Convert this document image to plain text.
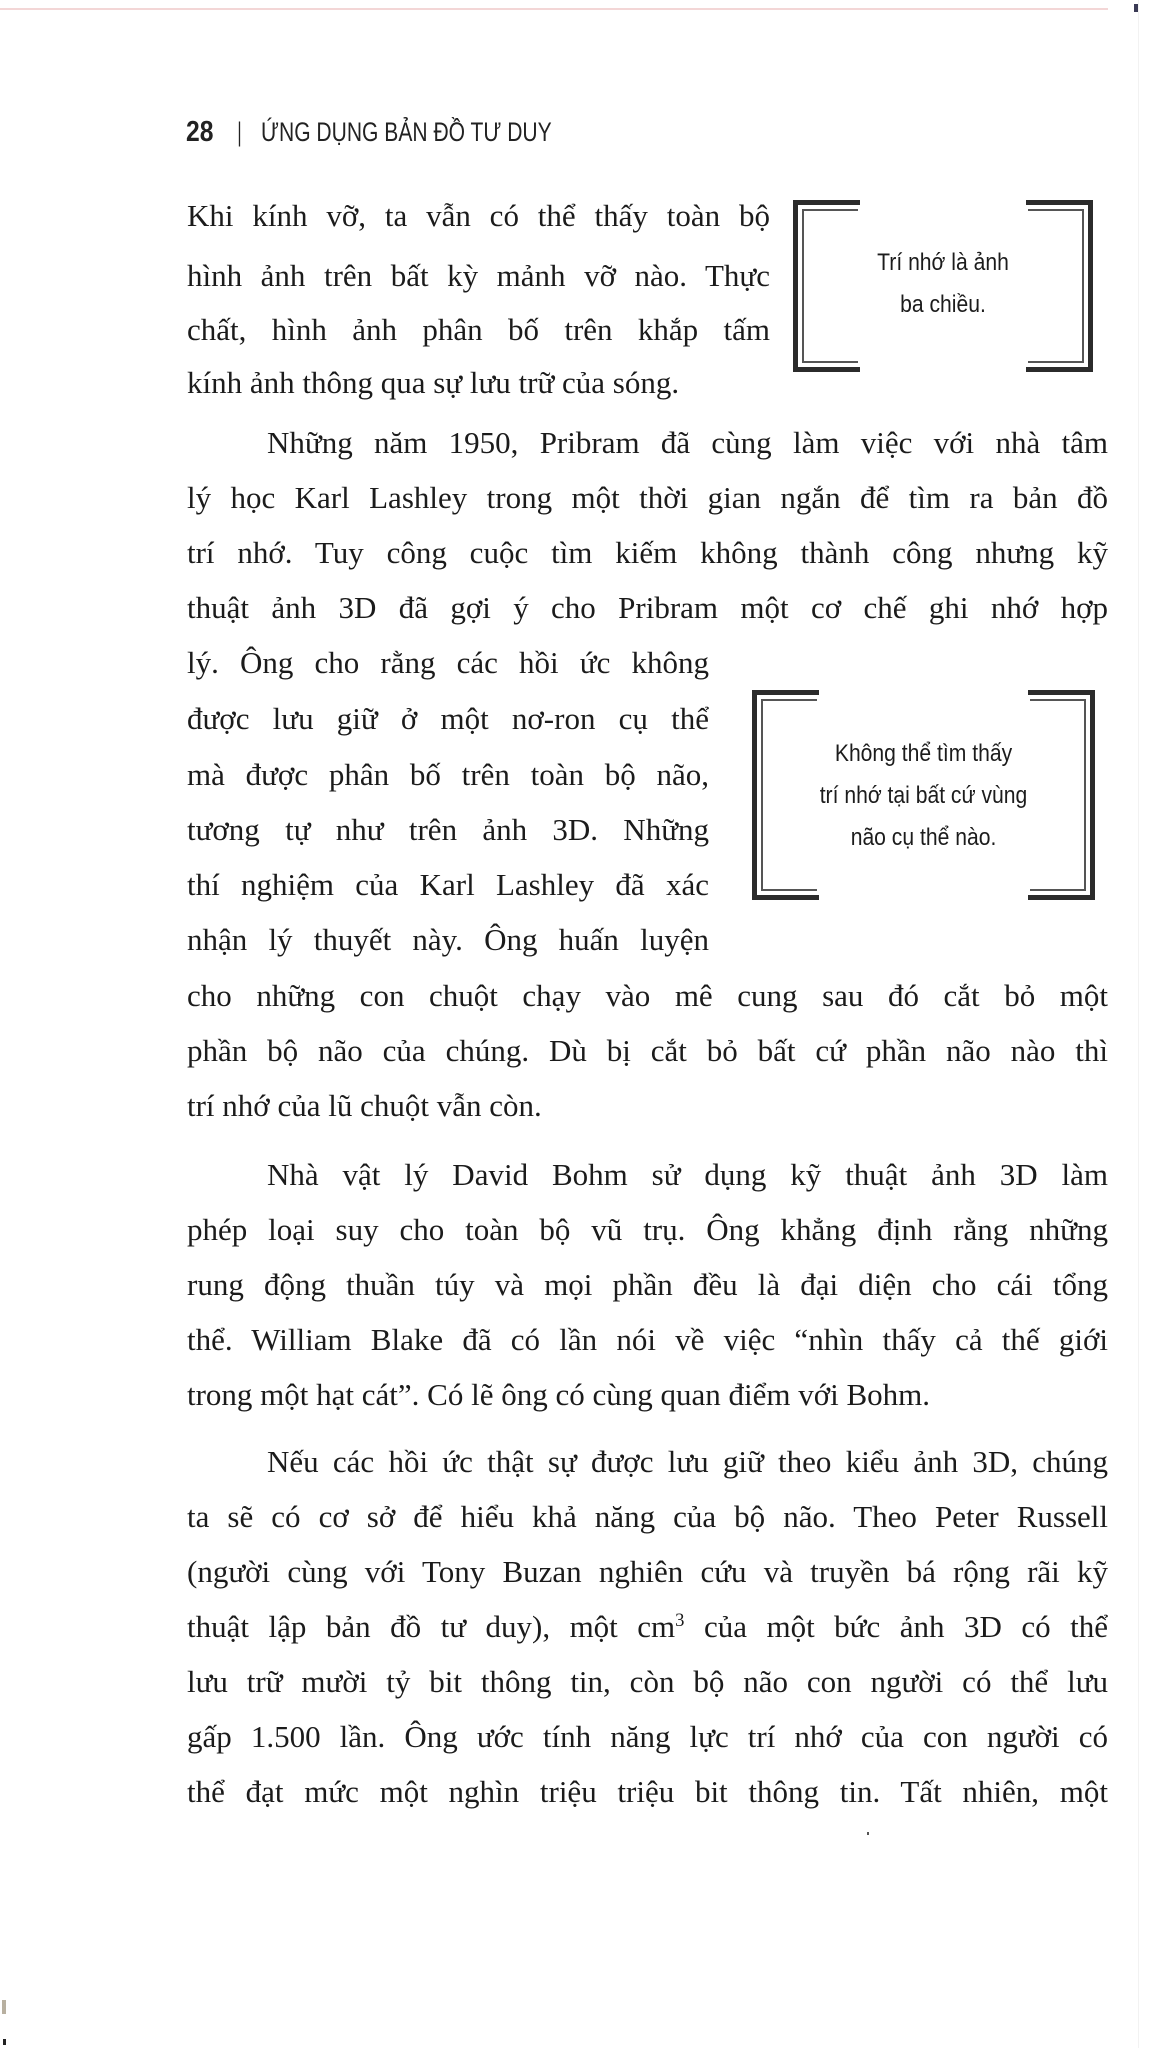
28 | ỨNG DỤNG BẢN ĐỒ TƯ DUY
Khi kính vỡ, ta vẫn có thể thấy toàn bộ
hình ảnh trên bất kỳ mảnh vỡ nào. Thực
chất, hình ảnh phân bố trên khắp tấm
kính ảnh thông qua sự lưu trữ của sóng.
Trí nhớ là ảnh
ba chiều.
Những năm 1950, Pribram đã cùng làm việc với nhà tâm
lý học Karl Lashley trong một thời gian ngắn để tìm ra bản đồ
trí nhớ. Tuy công cuộc tìm kiếm không thành công nhưng kỹ
thuật ảnh 3D đã gợi ý cho Pribram một cơ chế ghi nhớ hợp
lý. Ông cho rằng các hồi ức không
được lưu giữ ở một nơ-ron cụ thể
mà được phân bố trên toàn bộ não,
tương tự như trên ảnh 3D. Những
thí nghiệm của Karl Lashley đã xác
nhận lý thuyết này. Ông huấn luyện
cho những con chuột chạy vào mê cung sau đó cắt bỏ một
phần bộ não của chúng. Dù bị cắt bỏ bất cứ phần não nào thì
trí nhớ của lũ chuột vẫn còn.
Không thể tìm thấy
trí nhớ tại bất cứ vùng
não cụ thể nào.
Nhà vật lý David Bohm sử dụng kỹ thuật ảnh 3D làm
phép loại suy cho toàn bộ vũ trụ. Ông khẳng định rằng những
rung động thuần túy và mọi phần đều là đại diện cho cái tổng
thể. William Blake đã có lần nói về việc “nhìn thấy cả thế giới
trong một hạt cát”. Có lẽ ông có cùng quan điểm với Bohm.
Nếu các hồi ức thật sự được lưu giữ theo kiểu ảnh 3D, chúng
ta sẽ có cơ sở để hiểu khả năng của bộ não. Theo Peter Russell
(người cùng với Tony Buzan nghiên cứu và truyền bá rộng rãi kỹ
thuật lập bản đồ tư duy), một $cm^3$ của một bức ảnh 3D có thể
lưu trữ mười tỷ bit thông tin, còn bộ não con người có thể lưu
gấp 1.500 lần. Ông ước tính năng lực trí nhớ của con người có
thể đạt mức một nghìn triệu triệu bit thông tin. Tất nhiên, một
